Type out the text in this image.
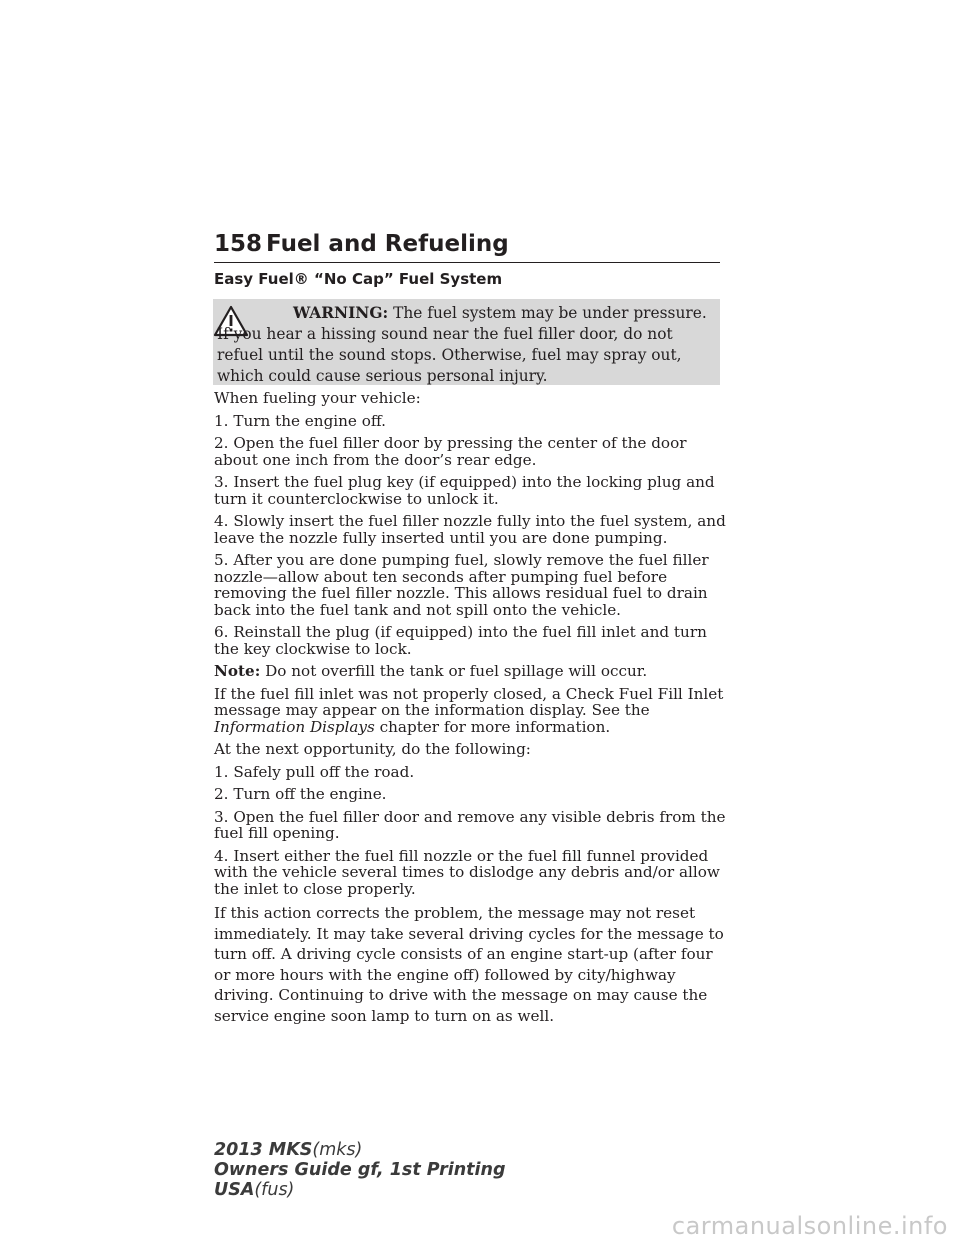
158 Fuel and Refueling
Easy Fuel® “No Cap” Fuel System
WARNING: The fuel system may be under pressure. If you hear a hissing sound near the fuel filler door, do not refuel until the sound stops. Otherwise, fuel may spray out, which could cause serious personal injury.

When fueling your vehicle:

1. Turn the engine off.

2. Open the fuel filler door by pressing the center of the door about one inch from the door’s rear edge.

3. Insert the fuel plug key (if equipped) into the locking plug and turn it counterclockwise to unlock it.

4. Slowly insert the fuel filler nozzle fully into the fuel system, and leave the nozzle fully inserted until you are done pumping.

5. After you are done pumping fuel, slowly remove the fuel filler nozzle—allow about ten seconds after pumping fuel before removing the fuel filler nozzle. This allows residual fuel to drain back into the fuel tank and not spill onto the vehicle.

6. Reinstall the plug (if equipped) into the fuel fill inlet and turn the key clockwise to lock.

Note: Do not overfill the tank or fuel spillage will occur.

If the fuel fill inlet was not properly closed, a Check Fuel Fill Inlet message may appear on the information display. See the Information Displays chapter for more information.

At the next opportunity, do the following:

1. Safely pull off the road.

2. Turn off the engine.

3. Open the fuel filler door and remove any visible debris from the fuel fill opening.

4. Insert either the fuel fill nozzle or the fuel fill funnel provided with the vehicle several times to dislodge any debris and/or allow the inlet to close properly.

If this action corrects the problem, the message may not reset immediately. It may take several driving cycles for the message to turn off. A driving cycle consists of an engine start-up (after four or more hours with the engine off) followed by city/highway driving. Continuing to drive with the message on may cause the service engine soon lamp to turn on as well.

2013 MKS(mks)
Owners Guide gf, 1st Printing
USA(fus)
carmanualsonline.info
